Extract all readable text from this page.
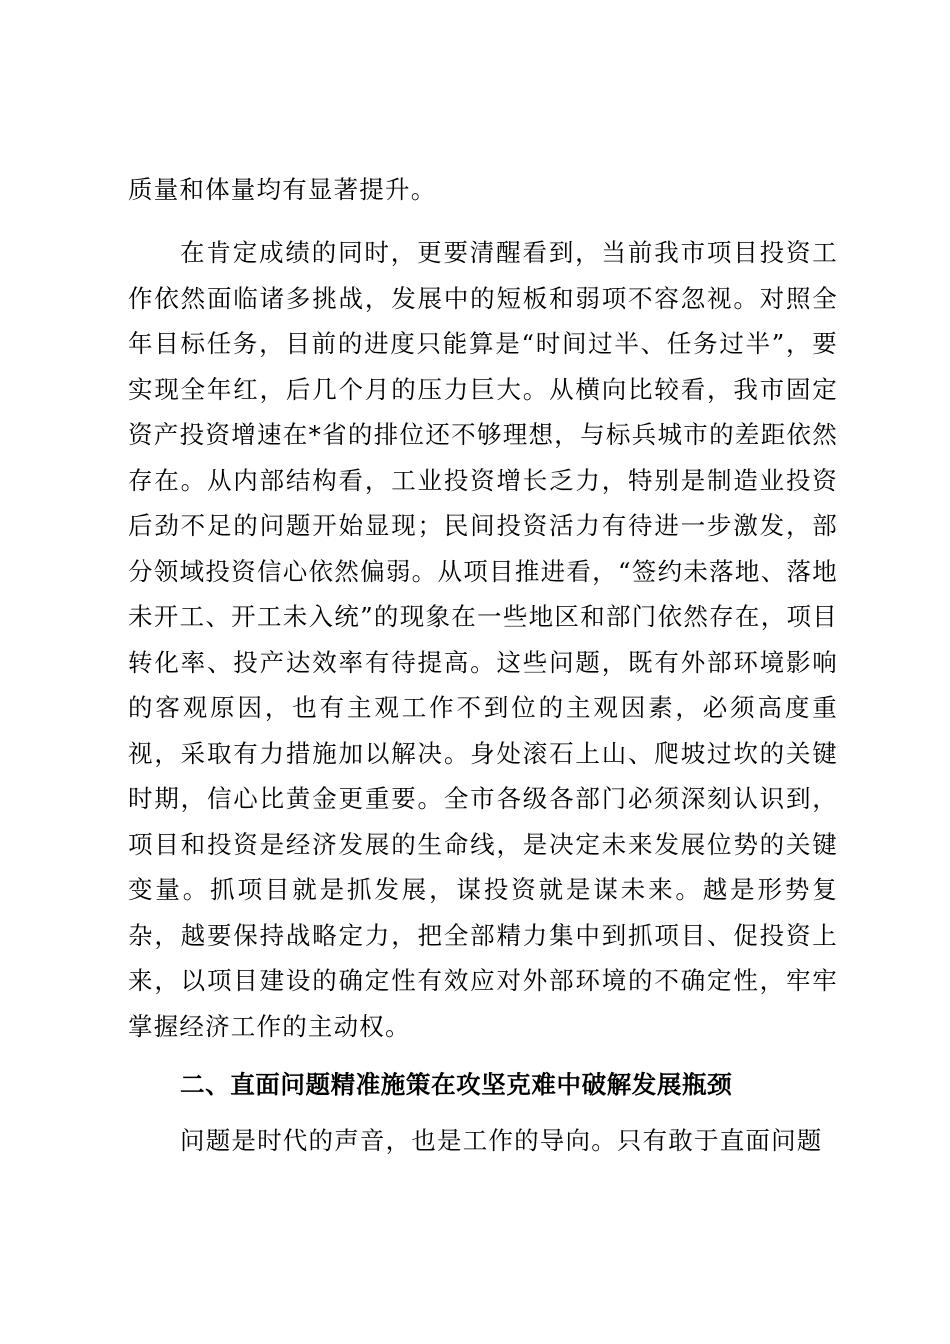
质量和体量均有显著提升。

在肯定成绩的同时，更要清醒看到，当前我市项目投资工作依然面临诸多挑战，发展中的短板和弱项不容忽视。对照全年目标任务，目前的进度只能算是“时间过半、任务过半”，要实现全年红，后几个月的压力巨大。从横向比较看，我市固定资产投资增速在*省的排位还不够理想，与标兵城市的差距依然存在。从内部结构看，工业投资增长乏力，特别是制造业投资后劲不足的问题开始显现；民间投资活力有待进一步激发，部分领域投资信心依然偏弱。从项目推进看，“签约未落地、落地未开工、开工未入统”的现象在一些地区和部门依然存在，项目转化率、投产达效率有待提高。这些问题，既有外部环境影响的客观原因，也有主观工作不到位的主观因素，必须高度重视，采取有力措施加以解决。身处滚石上山、爬坡过坎的关键时期，信心比黄金更重要。全市各级各部门必须深刻认识到，项目和投资是经济发展的生命线，是决定未来发展位势的关键变量。抓项目就是抓发展，谋投资就是谋未来。越是形势复杂，越要保持战略定力，把全部精力集中到抓项目、促投资上来，以项目建设的确定性有效应对外部环境的不确定性，牢牢掌握经济工作的主动权。

二、直面问题精准施策在攻坚克难中破解发展瓶颈

问题是时代的声音，也是工作的导向。只有敢于直面问题
